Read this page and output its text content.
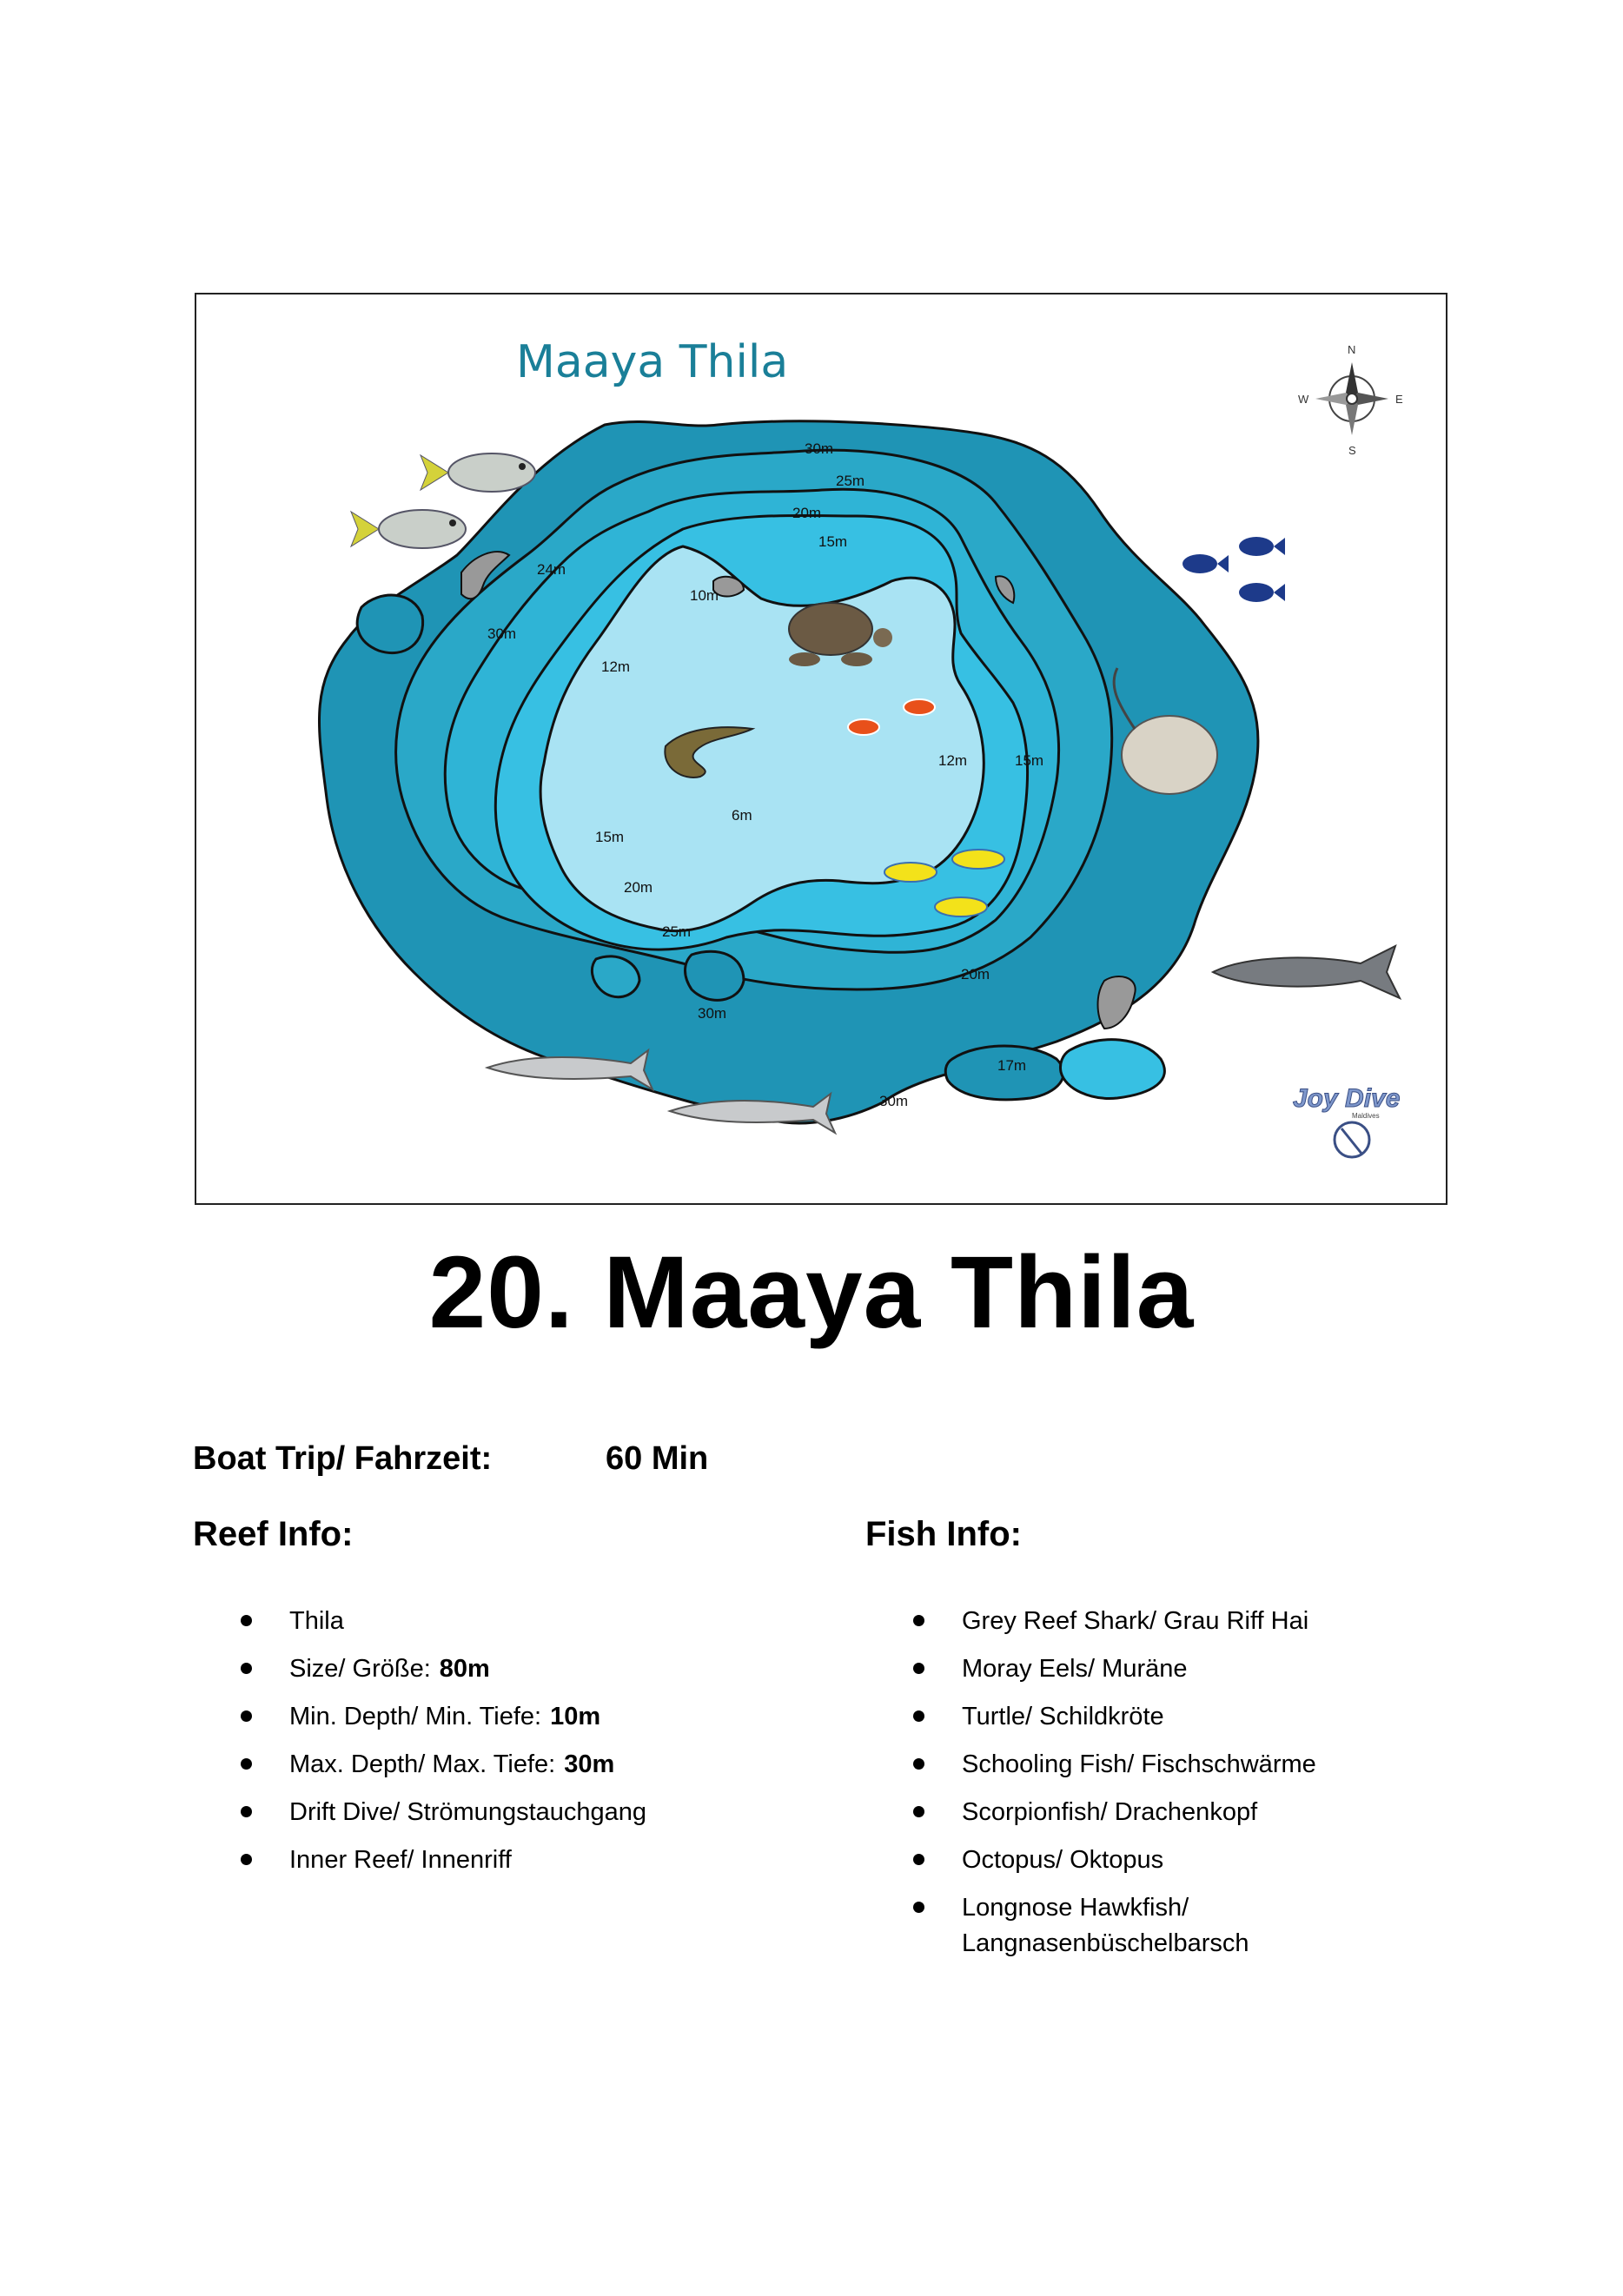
30m
25m
20m
15m
10m
24m
30m
12m
12m	15m
6m
15m
20m
25m
30m
20m
17m
30m
N
E
S
W
Joy Dive
Maldives
Maaya Thila
20. Maaya Thila
Boat Trip/ Fahrzeit:	60 Min
Reef Info:	Fish Info:
Thila
Size/ Größe: 80m
Min. Depth/ Min. Tiefe: 10m
Max. Depth/ Max. Tiefe: 30m
Drift Dive/ Strömungstauchgang
Inner Reef/ Innenriff
Grey Reef Shark/ Grau Riff Hai
Moray Eels/ Muräne
Turtle/ Schildkröte
Schooling Fish/ Fischschwärme
Scorpionfish/ Drachenkopf
Octopus/ Oktopus
Longnose Hawkfish/ Langnasenbüschelbarsch
